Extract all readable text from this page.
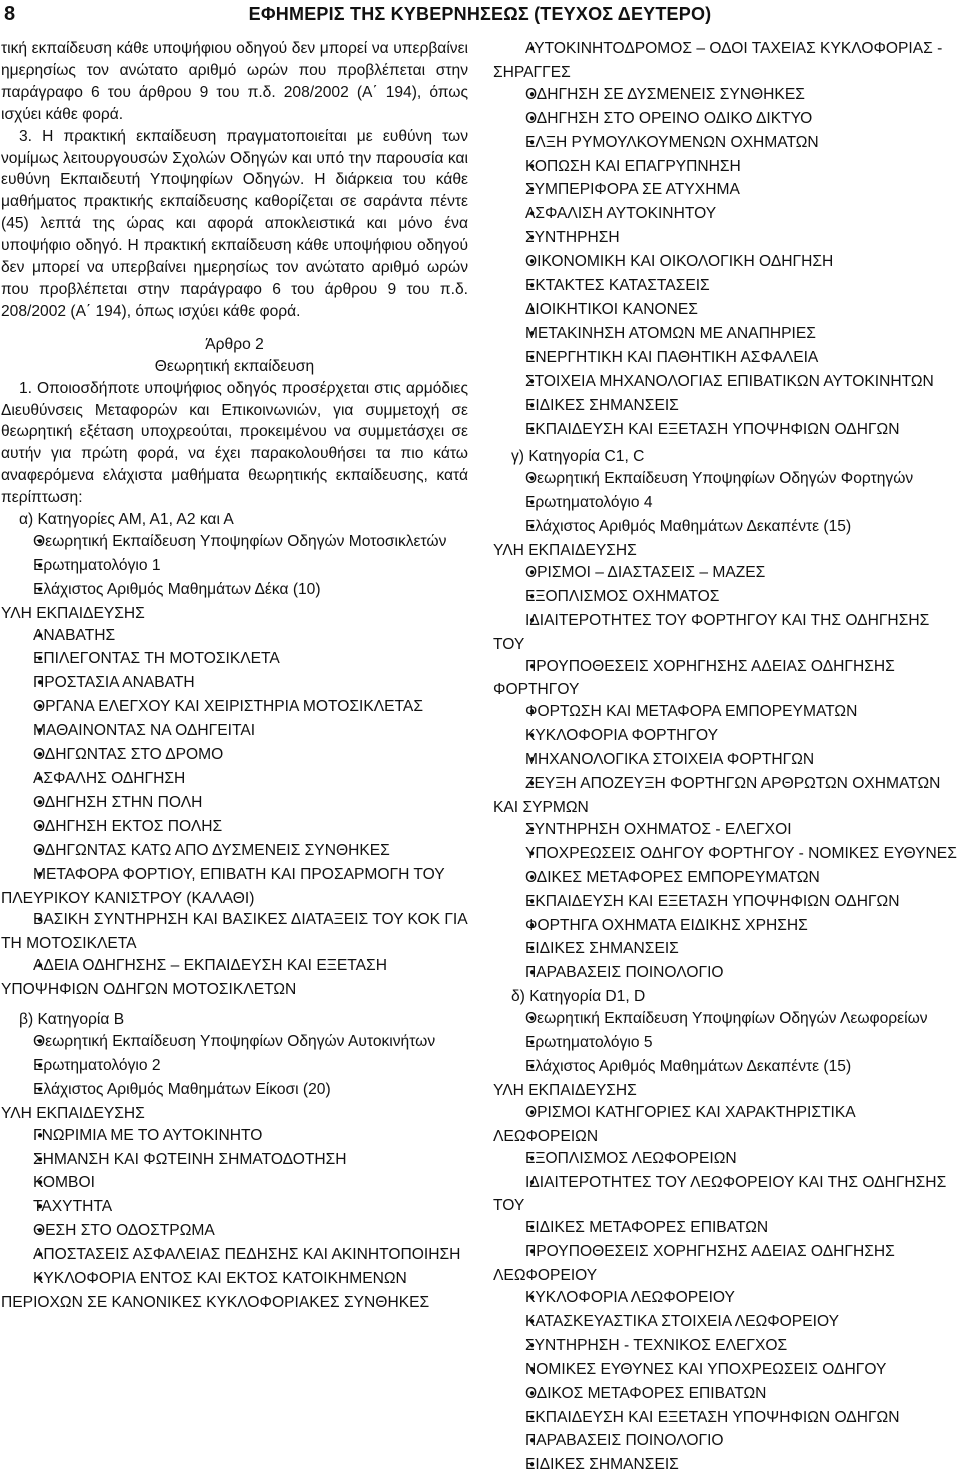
8	ΕΦΗΜΕΡΙΣ ΤΗΣ ΚΥΒΕΡΝΗΣΕΩΣ (ΤΕΥΧΟΣ ΔΕΥΤΕΡΟ)

τική εκπαίδευση κάθε υποψήφιου οδηγού δεν μπορεί να υπερβαίνει ημερησίως τον ανώτατο αριθμό ωρών που προβλέπεται στην παράγραφο 6 του άρθρου 9 του π.δ. 208/2002 (Α΄ 194), όπως ισχύει κάθε φορά.

3. Η πρακτική εκπαίδευση πραγματοποιείται με ευθύνη των νομίμως λειτουργουσών Σχολών Οδηγών και υπό την παρουσία και ευθύνη Εκπαιδευτή Υποψηφίων Οδηγών. Η διάρκεια του κάθε μαθήματος πρακτικής εκπαίδευσης καθορίζεται σε σαράντα πέντε (45) λεπτά της ώρας και αφορά αποκλειστικά και μόνο ένα υποψήφιο οδηγό. Η πρακτική εκπαίδευση κάθε υποψήφιου οδηγού δεν μπορεί να υπερβαίνει ημερησίως τον ανώτατο αριθμό ωρών που προβλέπεται στην παράγραφο 6 του άρθρου 9 του π.δ. 208/2002 (Α΄ 194), όπως ισχύει κάθε φορά.

Άρθρο 2

Θεωρητική εκπαίδευση

1. Οποιοσδήποτε υποψήφιος οδηγός προσέρχεται στις αρμόδιες Διευθύνσεις Μεταφορών και Επικοινωνιών, για συμμετοχή σε θεωρητική εξέταση υποχρεούται, προκειμένου να συμμετάσχει σε αυτήν για πρώτη φορά, να έχει παρακολουθήσει τα πιο κάτω αναφερόμενα ελάχιστα μαθήματα θεωρητικής εκπαίδευσης, κατά περίπτωση:

α) Κατηγορίες ΑΜ, Α1, Α2 και Α

● Θεωρητική Εκπαίδευση Υποψηφίων Οδηγών Μοτοσικλετών

● Ερωτηματολόγιο 1

● Ελάχιστος Αριθμός Μαθημάτων Δέκα (10)

ΥΛΗ ΕΚΠΑΙΔΕΥΣΗΣ

● ΑΝΑΒΑΤΗΣ

● ΕΠΙΛΕΓΟΝΤΑΣ ΤΗ ΜΟΤΟΣΙΚΛΕΤΑ

● ΠΡΟΣΤΑΣΙΑ ΑΝΑΒΑΤΗ

● ΟΡΓΑΝΑ ΕΛΕΓΧΟΥ ΚΑΙ ΧΕΙΡΙΣΤΗΡΙΑ ΜΟΤΟΣΙΚΛΕΤΑΣ

● ΜΑΘΑΙΝΟΝΤΑΣ ΝΑ ΟΔΗΓΕΙΤΑΙ

● ΟΔΗΓΩΝΤΑΣ ΣΤΟ ΔΡΟΜΟ

● ΑΣΦΑΛΗΣ ΟΔΗΓΗΣΗ

● ΟΔΗΓΗΣΗ ΣΤΗΝ ΠΟΛΗ

● ΟΔΗΓΗΣΗ ΕΚΤΟΣ ΠΟΛΗΣ

● ΟΔΗΓΩΝΤΑΣ ΚΑΤΩ ΑΠΟ ΔΥΣΜΕΝΕΙΣ ΣΥΝΘΗΚΕΣ

● ΜΕΤΑΦΟΡΑ ΦΟΡΤΙΟΥ, ΕΠΙΒΑΤΗ ΚΑΙ ΠΡΟΣΑΡΜΟΓΗ ΤΟΥ ΠΛΕΥΡΙΚΟΥ ΚΑΝΙΣΤΡΟΥ (ΚΑΛΑΘΙ)

● ΒΑΣΙΚΗ ΣΥΝΤΗΡΗΣΗ ΚΑΙ ΒΑΣΙΚΕΣ ΔΙΑΤΑΞΕΙΣ ΤΟΥ ΚΟΚ ΓΙΑ ΤΗ ΜΟΤΟΣΙΚΛΕΤΑ

● ΑΔΕΙΑ ΟΔΗΓΗΣΗΣ – ΕΚΠΑΙΔΕΥΣΗ ΚΑΙ ΕΞΕΤΑΣΗ ΥΠΟΨΗΦΙΩΝ ΟΔΗΓΩΝ ΜΟΤΟΣΙΚΛΕΤΩΝ

β) Κατηγορία Β

● Θεωρητική Εκπαίδευση Υποψηφίων Οδηγών Αυτοκινήτων

● Ερωτηματολόγιο 2

● Ελάχιστος Αριθμός Μαθημάτων Είκοσι (20)

ΥΛΗ ΕΚΠΑΙΔΕΥΣΗΣ

● ΓΝΩΡΙΜΙΑ ΜΕ ΤΟ ΑΥΤΟΚΙΝΗΤΟ

● ΣΗΜΑΝΣΗ ΚΑΙ ΦΩΤΕΙΝΗ ΣΗΜΑΤΟΔΟΤΗΣΗ

● ΚΟΜΒΟΙ

● ΤΑΧΥΤΗΤΑ

● ΘΕΣΗ ΣΤΟ ΟΔΟΣΤΡΩΜΑ

● ΑΠΟΣΤΑΣΕΙΣ ΑΣΦΑΛΕΙΑΣ ΠΕΔΗΣΗΣ ΚΑΙ ΑΚΙΝΗΤΟΠΟΙΗΣΗ

● ΚΥΚΛΟΦΟΡΙΑ ΕΝΤΟΣ ΚΑΙ ΕΚΤΟΣ ΚΑΤΟΙΚΗΜΕΝΩΝ ΠΕΡΙΟΧΩΝ ΣΕ ΚΑΝΟΝΙΚΕΣ ΚΥΚΛΟΦΟΡΙΑΚΕΣ ΣΥΝΘΗΚΕΣ

● ΑΥΤΟΚΙΝΗΤΟΔΡΟΜΟΣ – ΟΔΟΙ ΤΑΧΕΙΑΣ ΚΥΚΛΟΦΟΡΙΑΣ - ΣΗΡΑΓΓΕΣ

● ΟΔΗΓΗΣΗ ΣΕ ΔΥΣΜΕΝΕΙΣ ΣΥΝΘΗΚΕΣ

● ΟΔΗΓΗΣΗ ΣΤΟ ΟΡΕΙΝΟ ΟΔΙΚΟ ΔΙΚΤΥΟ

● ΕΛΞΗ ΡΥΜΟΥΛΚΟΥΜΕΝΩΝ ΟΧΗΜΑΤΩΝ

● ΚΟΠΩΣΗ ΚΑΙ ΕΠΑΓΡΥΠΝΗΣΗ

● ΣΥΜΠΕΡΙΦΟΡΑ ΣΕ ΑΤΥΧΗΜΑ

● ΑΣΦΑΛΙΣΗ ΑΥΤΟΚΙΝΗΤΟΥ

● ΣΥΝΤΗΡΗΣΗ

● ΟΙΚΟΝΟΜΙΚΗ ΚΑΙ ΟΙΚΟΛΟΓΙΚΗ ΟΔΗΓΗΣΗ

● ΕΚΤΑΚΤΕΣ ΚΑΤΑΣΤΑΣΕΙΣ

● ΔΙΟΙΚΗΤΙΚΟΙ ΚΑΝΟΝΕΣ

● ΜΕΤΑΚΙΝΗΣΗ ΑΤΟΜΩΝ ΜΕ ΑΝΑΠΗΡΙΕΣ

● ΕΝΕΡΓΗΤΙΚΗ ΚΑΙ ΠΑΘΗΤΙΚΗ ΑΣΦΑΛΕΙΑ

● ΣΤΟΙΧΕΙΑ ΜΗΧΑΝΟΛΟΓΙΑΣ ΕΠΙΒΑΤΙΚΩΝ ΑΥΤΟΚΙΝΗΤΩΝ

● ΕΙΔΙΚΕΣ ΣΗΜΑΝΣΕΙΣ

● ΕΚΠΑΙΔΕΥΣΗ ΚΑΙ ΕΞΕΤΑΣΗ ΥΠΟΨΗΦΙΩΝ ΟΔΗΓΩΝ

γ) Κατηγορία C1, C

● Θεωρητική Εκπαίδευση Υποψηφίων Οδηγών Φορτηγών

● Ερωτηματολόγιο 4

● Ελάχιστος Αριθμός Μαθημάτων Δεκαπέντε (15)

ΥΛΗ ΕΚΠΑΙΔΕΥΣΗΣ

● ΟΡΙΣΜΟΙ – ΔΙΑΣΤΑΣΕΙΣ – ΜΑΖΕΣ

● ΕΞΟΠΛΙΣΜΟΣ ΟΧΗΜΑΤΟΣ

● ΙΔΙΑΙΤΕΡΟΤΗΤΕΣ ΤΟΥ ΦΟΡΤΗΓΟΥ ΚΑΙ ΤΗΣ ΟΔΗΓΗΣΗΣ ΤΟΥ

● ΠΡΟΥΠΟΘΕΣΕΙΣ ΧΟΡΗΓΗΣΗΣ ΑΔΕΙΑΣ ΟΔΗΓΗΣΗΣ ΦΟΡΤΗΓΟΥ

● ΦΟΡΤΩΣΗ ΚΑΙ ΜΕΤΑΦΟΡΑ ΕΜΠΟΡΕΥΜΑΤΩΝ

● ΚΥΚΛΟΦΟΡΙΑ ΦΟΡΤΗΓΟΥ

● ΜΗΧΑΝΟΛΟΓΙΚΑ ΣΤΟΙΧΕΙΑ ΦΟΡΤΗΓΩΝ

● ΖΕΥΞΗ ΑΠΟΖΕΥΞΗ ΦΟΡΤΗΓΩΝ ΑΡΘΡΩΤΩΝ ΟΧΗΜΑΤΩΝ ΚΑΙ ΣΥΡΜΩΝ

● ΣΥΝΤΗΡΗΣΗ ΟΧΗΜΑΤΟΣ - ΕΛΕΓΧΟΙ

● ΥΠΟΧΡΕΩΣΕΙΣ ΟΔΗΓΟΥ ΦΟΡΤΗΓΟΥ - ΝΟΜΙΚΕΣ ΕΥΘΥΝΕΣ

● ΟΔΙΚΕΣ ΜΕΤΑΦΟΡΕΣ ΕΜΠΟΡΕΥΜΑΤΩΝ

● ΕΚΠΑΙΔΕΥΣΗ ΚΑΙ ΕΞΕΤΑΣΗ ΥΠΟΨΗΦΙΩΝ ΟΔΗΓΩΝ

● ΦΟΡΤΗΓΑ ΟΧΗΜΑΤΑ ΕΙΔΙΚΗΣ ΧΡΗΣΗΣ

● ΕΙΔΙΚΕΣ ΣΗΜΑΝΣΕΙΣ

● ΠΑΡΑΒΑΣΕΙΣ ΠΟΙΝΟΛΟΓΙΟ

δ) Κατηγορία D1, D

● Θεωρητική Εκπαίδευση Υποψηφίων Οδηγών Λεωφορείων

● Ερωτηματολόγιο 5

● Ελάχιστος Αριθμός Μαθημάτων Δεκαπέντε (15)

ΥΛΗ ΕΚΠΑΙΔΕΥΣΗΣ

● ΟΡΙΣΜΟΙ ΚΑΤΗΓΟΡΙΕΣ ΚΑΙ ΧΑΡΑΚΤΗΡΙΣΤΙΚΑ ΛΕΩΦΟΡΕΙΩΝ

● ΕΞΟΠΛΙΣΜΟΣ ΛΕΩΦΟΡΕΙΩΝ

● ΙΔΙΑΙΤΕΡΟΤΗΤΕΣ ΤΟΥ ΛΕΩΦΟΡΕΙΟΥ ΚΑΙ ΤΗΣ ΟΔΗΓΗΣΗΣ ΤΟΥ

● ΕΙΔΙΚΕΣ ΜΕΤΑΦΟΡΕΣ ΕΠΙΒΑΤΩΝ

● ΠΡΟΥΠΟΘΕΣΕΙΣ ΧΟΡΗΓΗΣΗΣ ΑΔΕΙΑΣ ΟΔΗΓΗΣΗΣ ΛΕΩΦΟΡΕΙΟΥ

● ΚΥΚΛΟΦΟΡΙΑ ΛΕΩΦΟΡΕΙΟΥ

● ΚΑΤΑΣΚΕΥΑΣΤΙΚΑ ΣΤΟΙΧΕΙΑ ΛΕΩΦΟΡΕΙΟΥ

● ΣΥΝΤΗΡΗΣΗ - ΤΕΧΝΙΚΟΣ ΕΛΕΓΧΟΣ

● ΝΟΜΙΚΕΣ ΕΥΘΥΝΕΣ ΚΑΙ ΥΠΟΧΡΕΩΣΕΙΣ ΟΔΗΓΟΥ

● ΟΔΙΚΟΣ ΜΕΤΑΦΟΡΕΣ ΕΠΙΒΑΤΩΝ

● ΕΚΠΑΙΔΕΥΣΗ ΚΑΙ ΕΞΕΤΑΣΗ ΥΠΟΨΗΦΙΩΝ ΟΔΗΓΩΝ

● ΠΑΡΑΒΑΣΕΙΣ ΠΟΙΝΟΛΟΓΙΟ

● ΕΙΔΙΚΕΣ ΣΗΜΑΝΣΕΙΣ
